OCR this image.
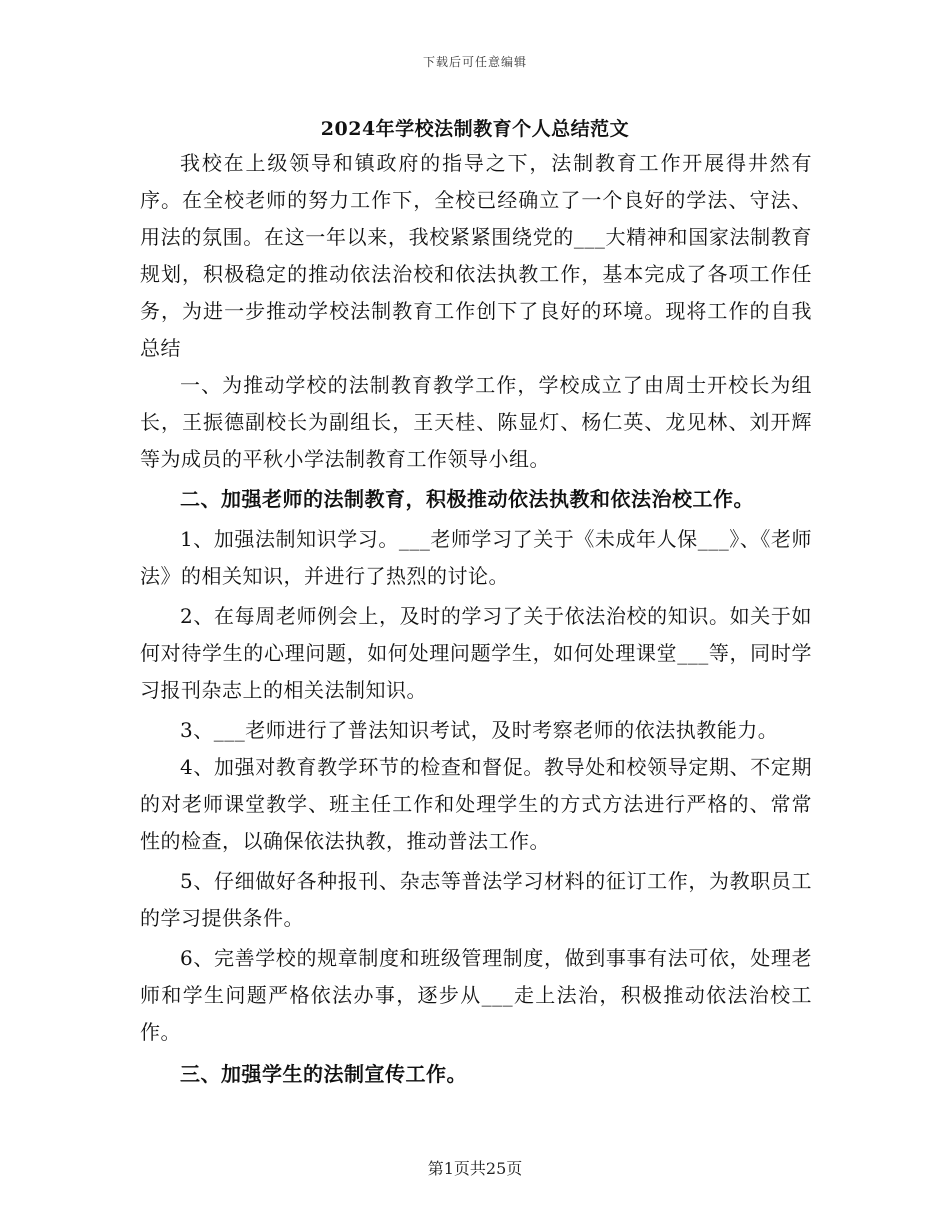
下载后可任意编辑
2024年学校法制教育个人总结范文

我校在上级领导和镇政府的指导之下，法制教育工作开展得井然有序。在全校老师的努力工作下，全校已经确立了一个良好的学法、守法、用法的氛围。在这一年以来，我校紧紧围绕党的___大精神和国家法制教育规划，积极稳定的推动依法治校和依法执教工作，基本完成了各项工作任务，为进一步推动学校法制教育工作创下了良好的环境。现将工作的自我总结

一、为推动学校的法制教育教学工作，学校成立了由周士开校长为组长，王振德副校长为副组长，王天桂、陈显灯、杨仁英、龙见林、刘开辉等为成员的平秋小学法制教育工作领导小组。

二、加强老师的法制教育，积极推动依法执教和依法治校工作。

1、加强法制知识学习。___老师学习了关于《未成年人保___》、《老师法》的相关知识，并进行了热烈的讨论。

2、在每周老师例会上，及时的学习了关于依法治校的知识。如关于如何对待学生的心理问题，如何处理问题学生，如何处理课堂___等，同时学习报刊杂志上的相关法制知识。

3、___老师进行了普法知识考试，及时考察老师的依法执教能力。

4、加强对教育教学环节的检查和督促。教导处和校领导定期、不定期的对老师课堂教学、班主任工作和处理学生的方式方法进行严格的、常常性的检查，以确保依法执教，推动普法工作。

5、仔细做好各种报刊、杂志等普法学习材料的征订工作，为教职员工的学习提供条件。

6、完善学校的规章制度和班级管理制度，做到事事有法可依，处理老师和学生问题严格依法办事，逐步从___走上法治，积极推动依法治校工作。

三、加强学生的法制宣传工作。

第1页共25页
